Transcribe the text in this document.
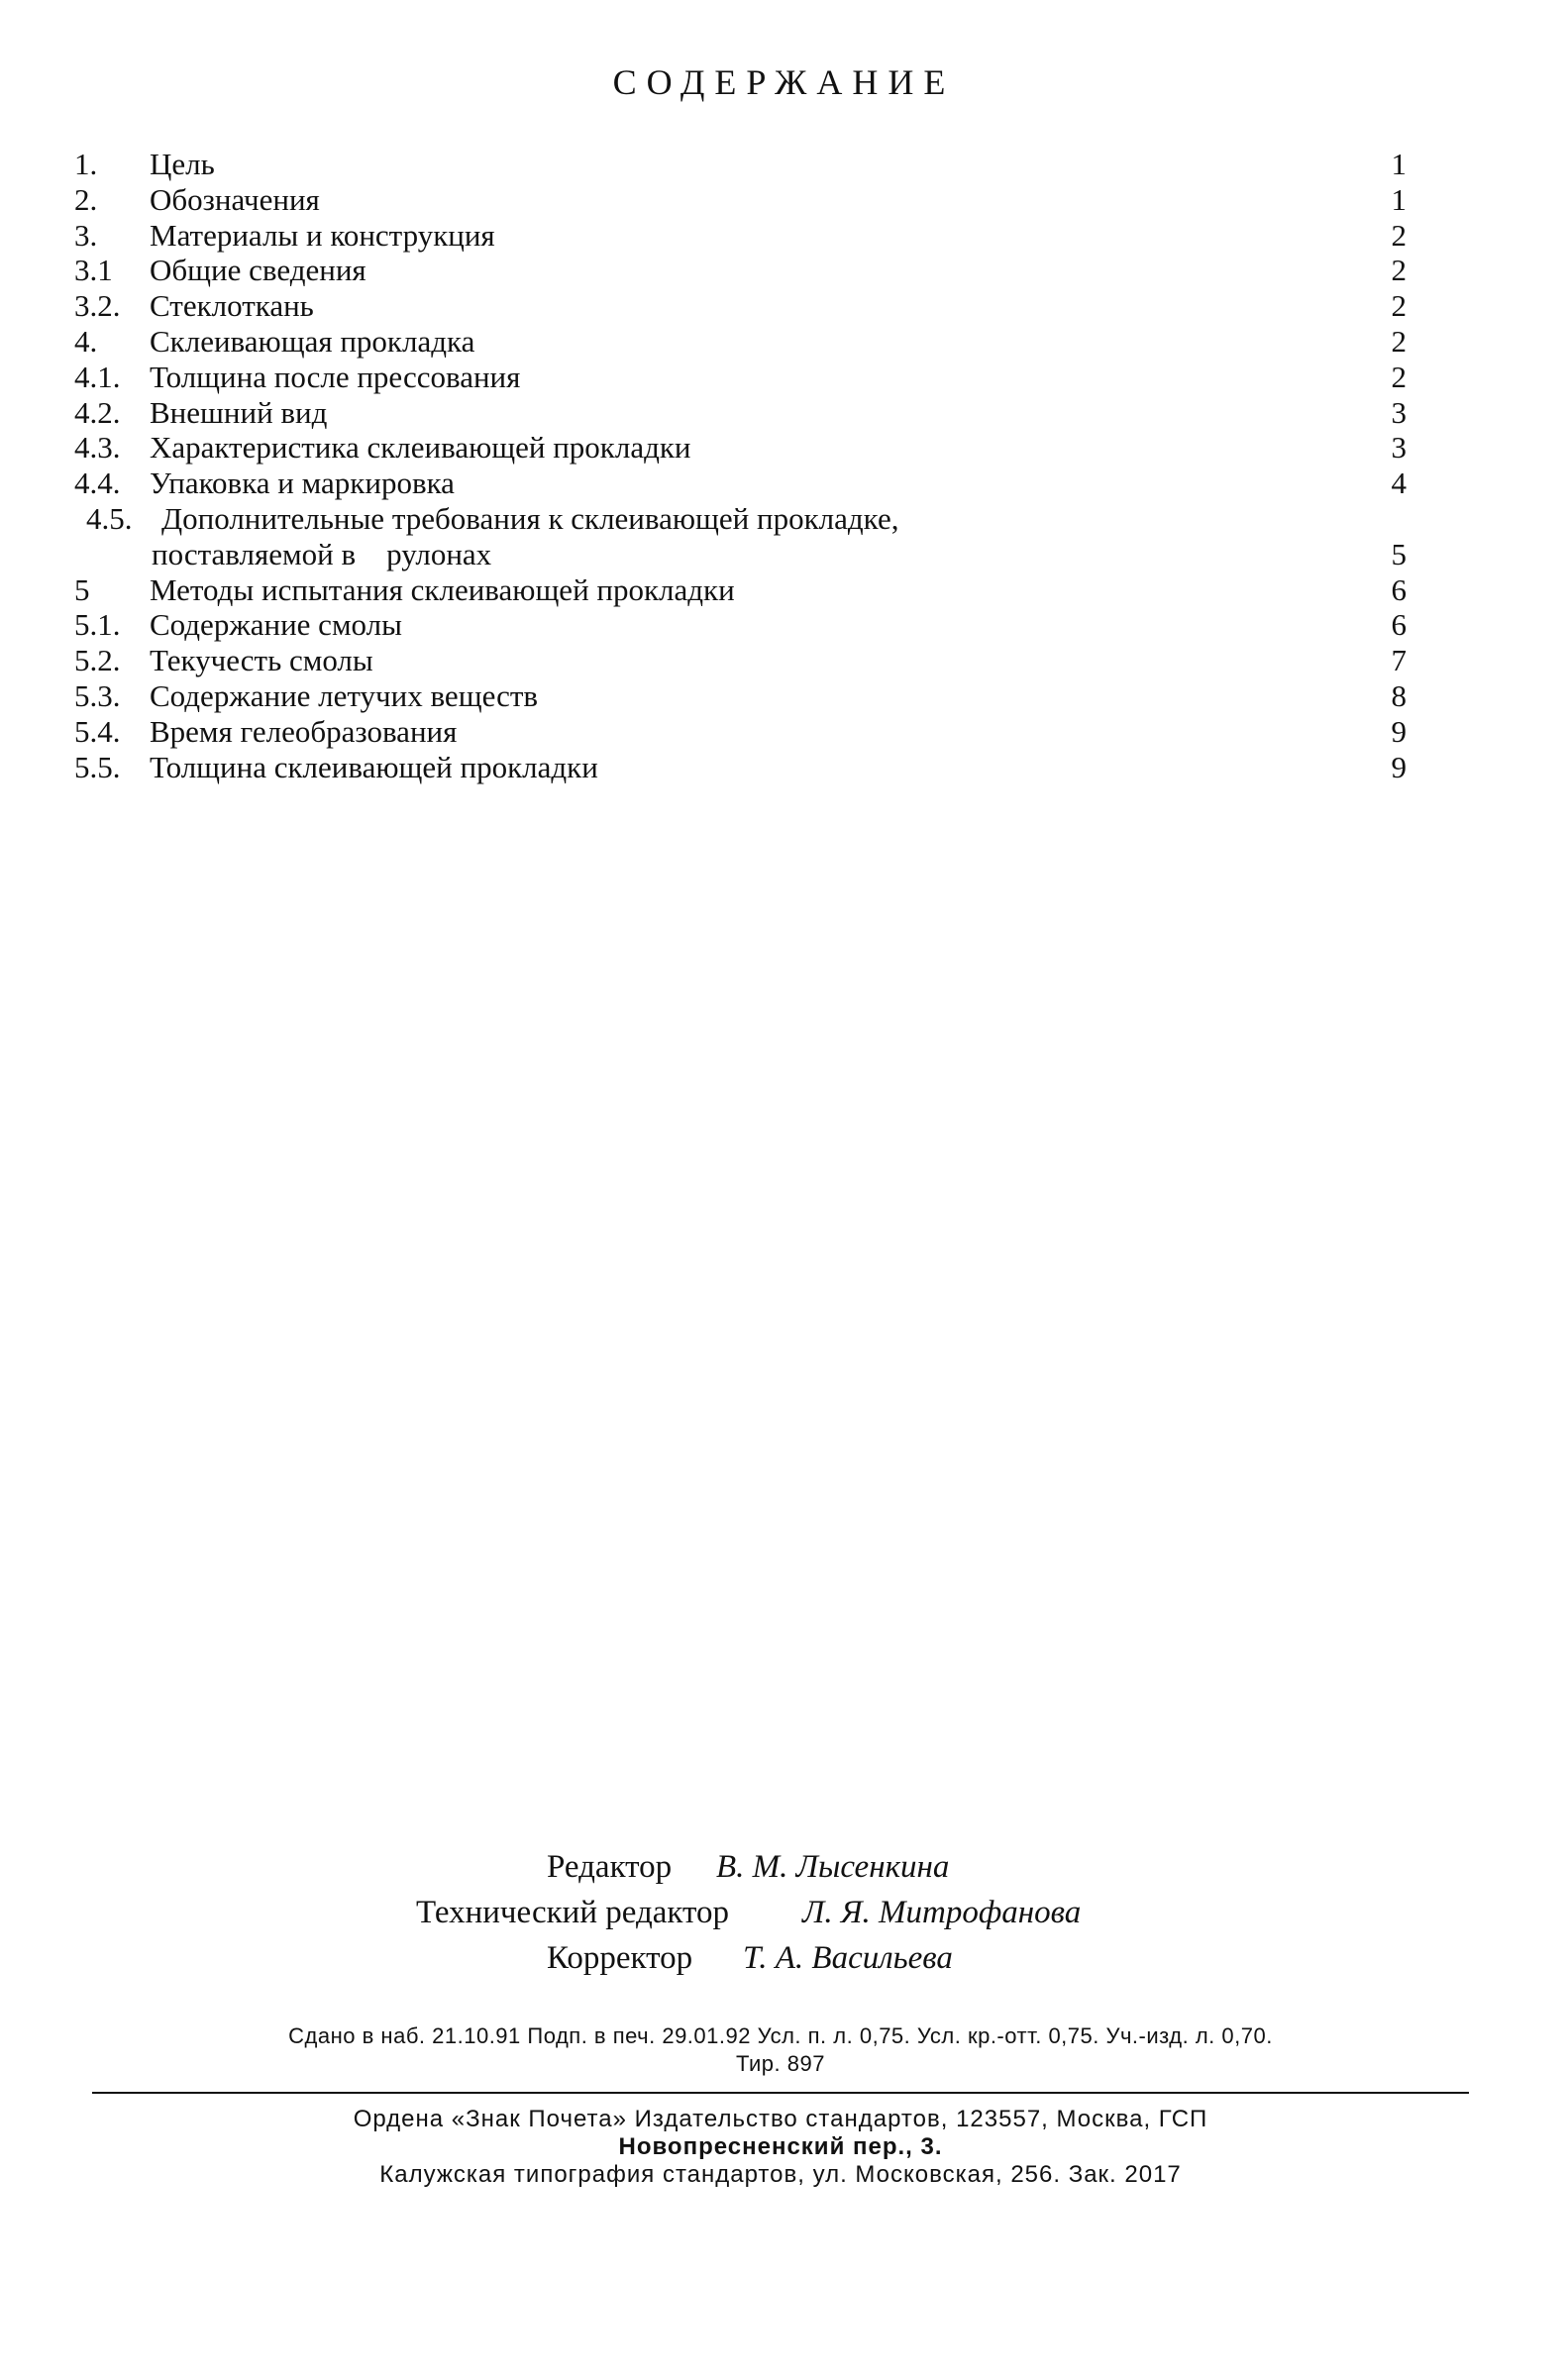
СОДЕРЖАНИЕ
1. Цель	1
2. Обозначения	1
3. Материалы и конструкция	2
3.1 Общие сведения	2
3.2. Стеклоткань	2
4. Склеивающая прокладка	2
4.1. Толщина после прессования	2
4.2. Внешний вид	3
4.3. Характеристика склеивающей прокладки	3
4.4. Упаковка и маркировка	4
4.5. Дополнительные требования к склеивающей прокладке,
поставляемой в    рулонах	5
5 Методы испытания склеивающей прокладки	6
5.1. Содержание смолы	6
5.2. Текучесть смолы	7
5.3. Содержание летучих веществ	8
5.4. Время гелеобразования	9
5.5. Толщина склеивающей прокладки	9
Редактор В. М. Лысенкина
Технический редактор Л. Я. Митрофанова
Корректор Т. А. Васильева
Сдано в наб. 21.10.91 Подп. в печ. 29.01.92 Усл. п. л. 0,75. Усл. кр.-отт. 0,75. Уч.-изд. л. 0,70.
Тир. 897
Ордена «Знак Почета» Издательство стандартов, 123557, Москва, ГСП
Новопресненский пер., 3.
Калужская типография стандартов, ул. Московская, 256. Зак. 2017
